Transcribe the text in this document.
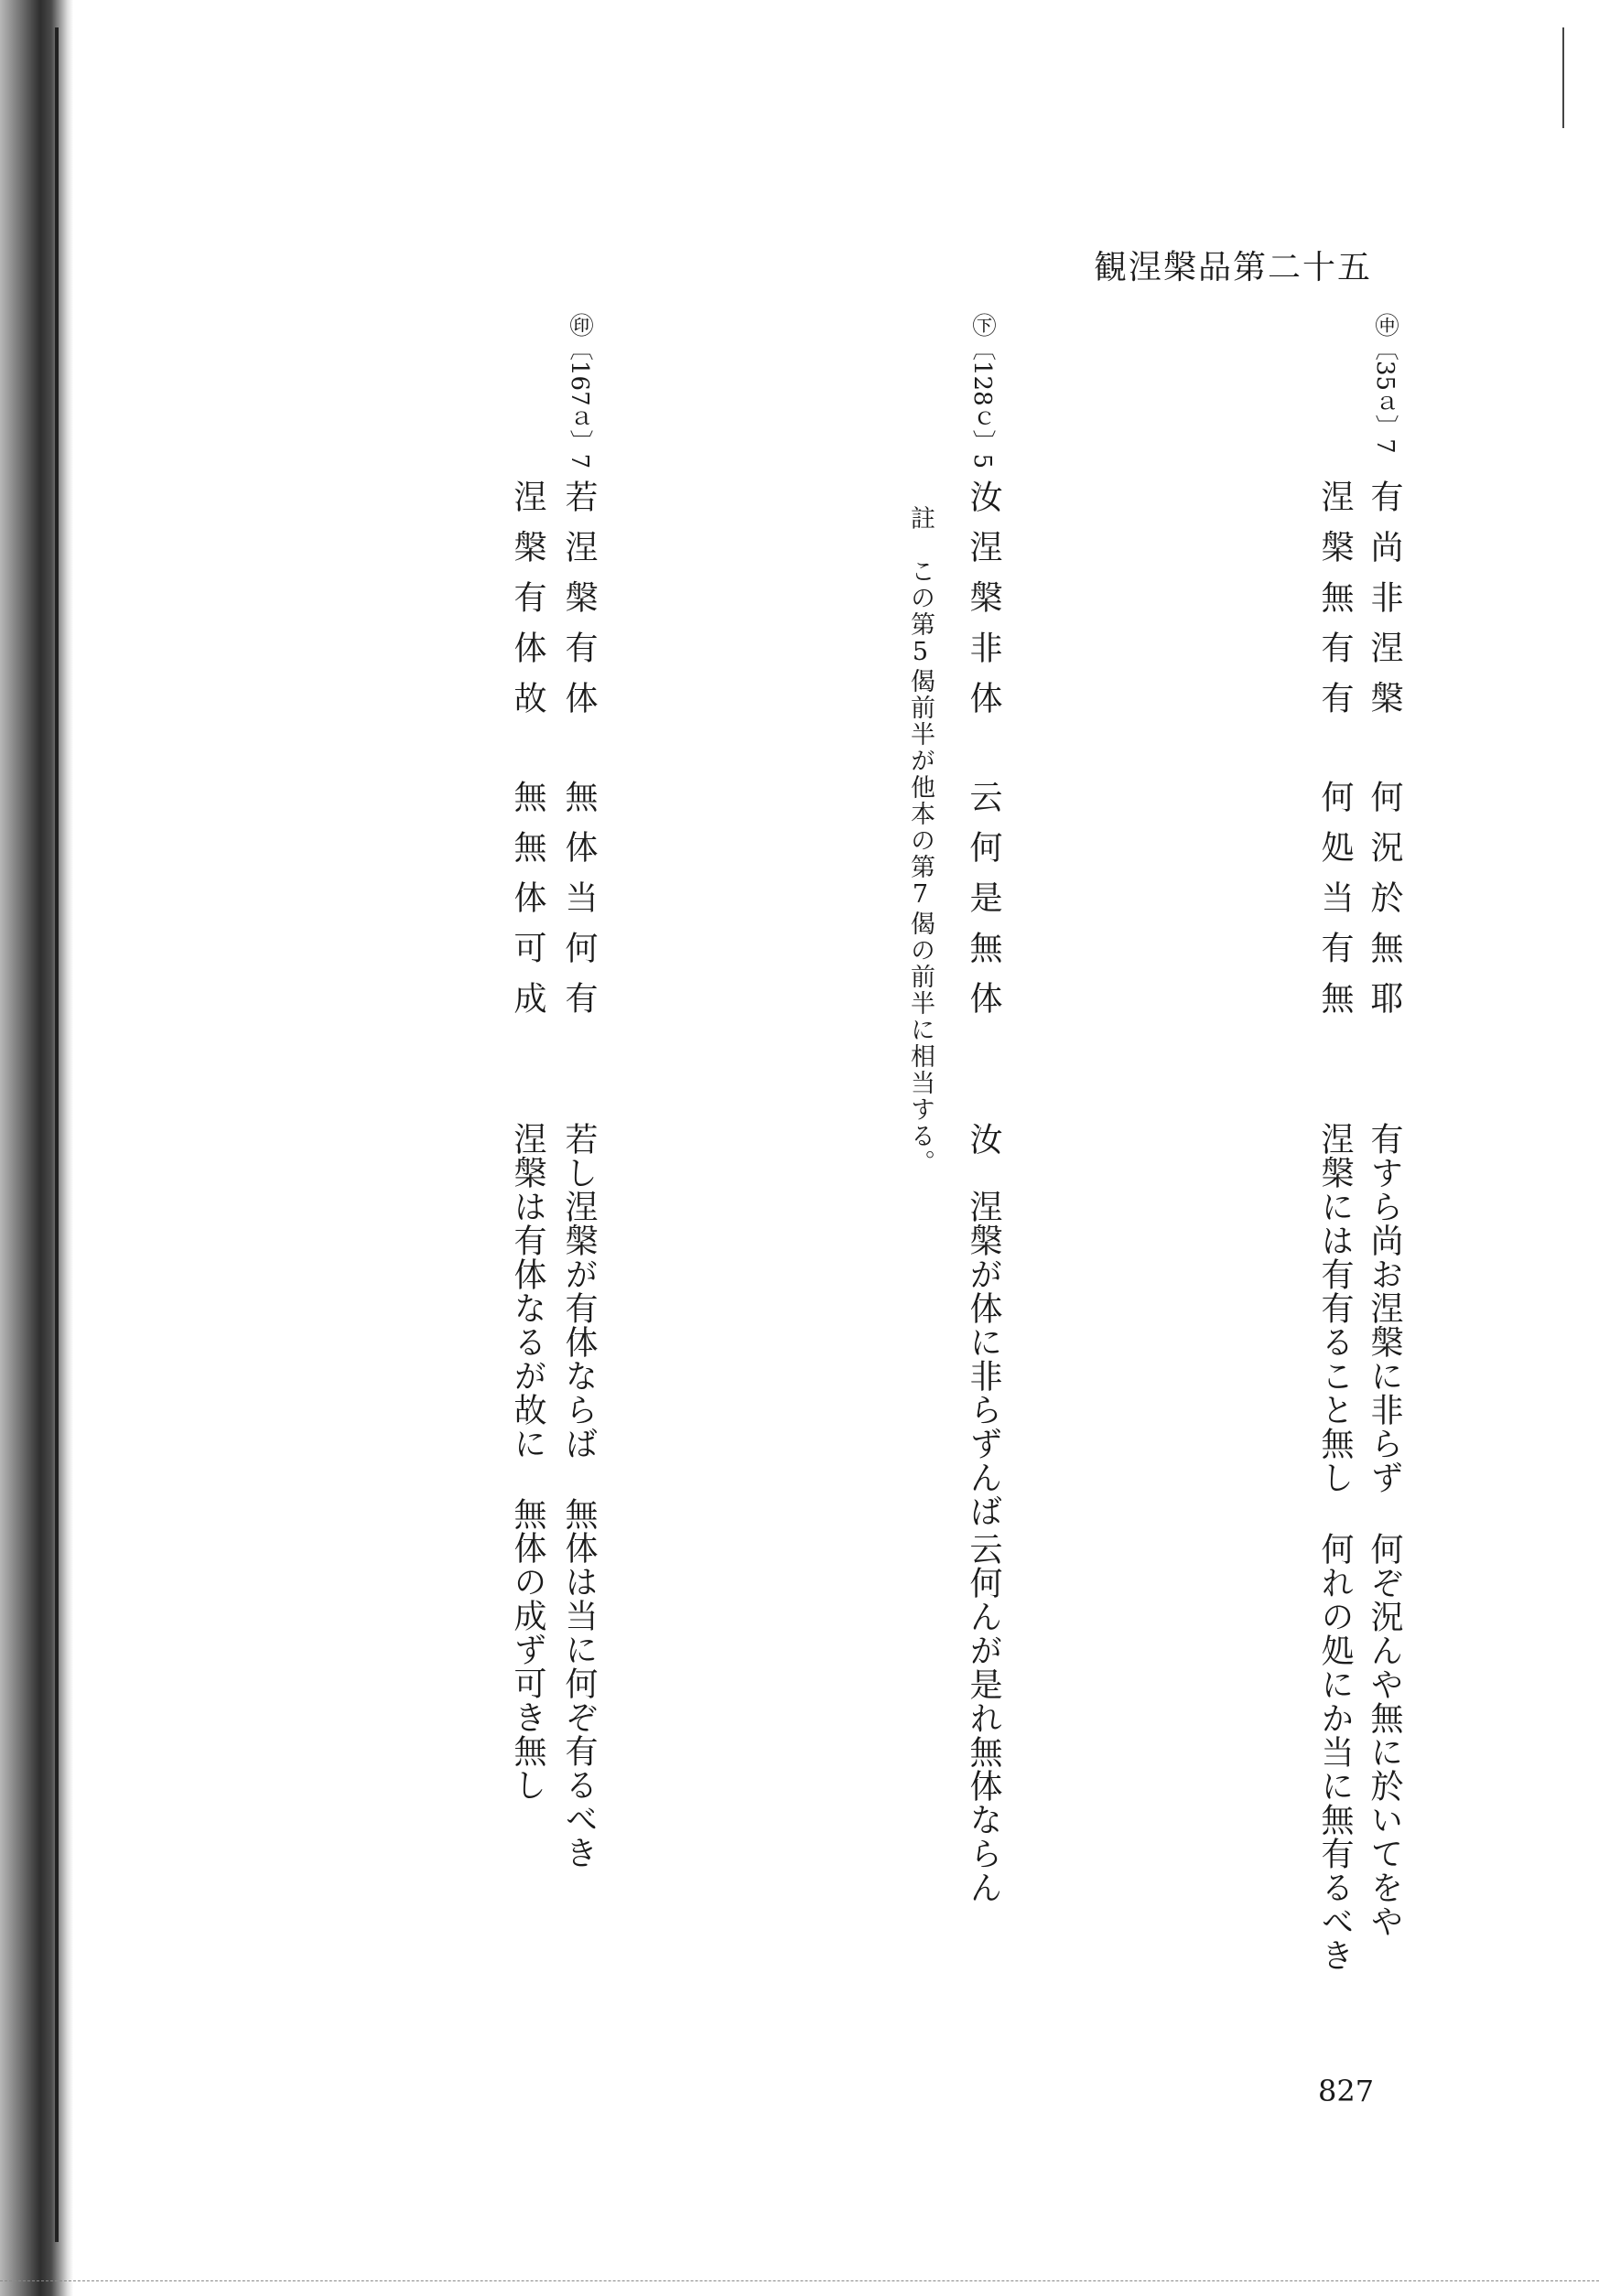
観涅槃品第二十五
㊥〔35ａ〕7
有尚非涅槃
何況於無耶
涅槃無有有
何処当有無
有すら尚お涅槃に非らず
何ぞ況んや無に於いてをや
涅槃には有有ること無し
何れの処にか当に無有るべき
㊦〔128ｃ〕5
汝涅槃非体
云何是無体
註　この第5偈前半が他本の第7偈の前半に相当する。
汝　涅槃が体に非らずんば
云何んが是れ無体ならん
㊞〔167ａ〕7
若涅槃有体
無体当何有
涅槃有体故
無無体可成
若し涅槃が有体ならば
無体は当に何ぞ有るべき
涅槃は有体なるが故に
無体の成ず可き無し
827
